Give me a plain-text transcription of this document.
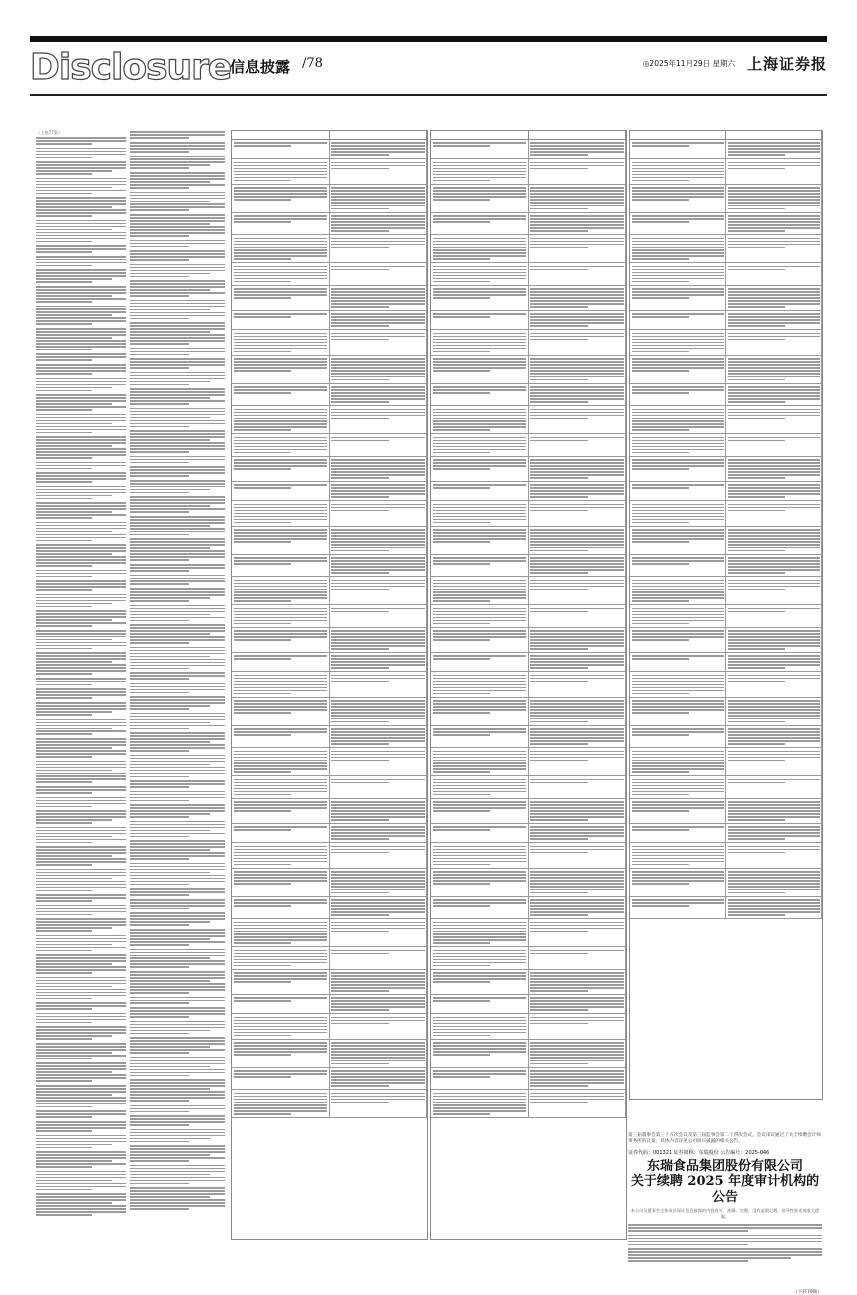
Disclosure
信息披露 /78	◎2025年11月29日 星期六 上海证券报
（上接77版）
第三届董事会第三十五次会议及第三届监事会第二十四次会议，会议审议通过了关于续聘会计师事务所的议案，具体内容详见公司同日披露的相关公告。
证券代码：001321 证券简称：东瑞股份 公告编号：2025-046
东瑞食品集团股份有限公司
关于续聘 2025 年度审计机构的公告
本公司及董事会全体成员保证信息披露的内容真实、准确、完整，没有虚假记载、误导性陈述或重大遗漏。
（下转79版）
